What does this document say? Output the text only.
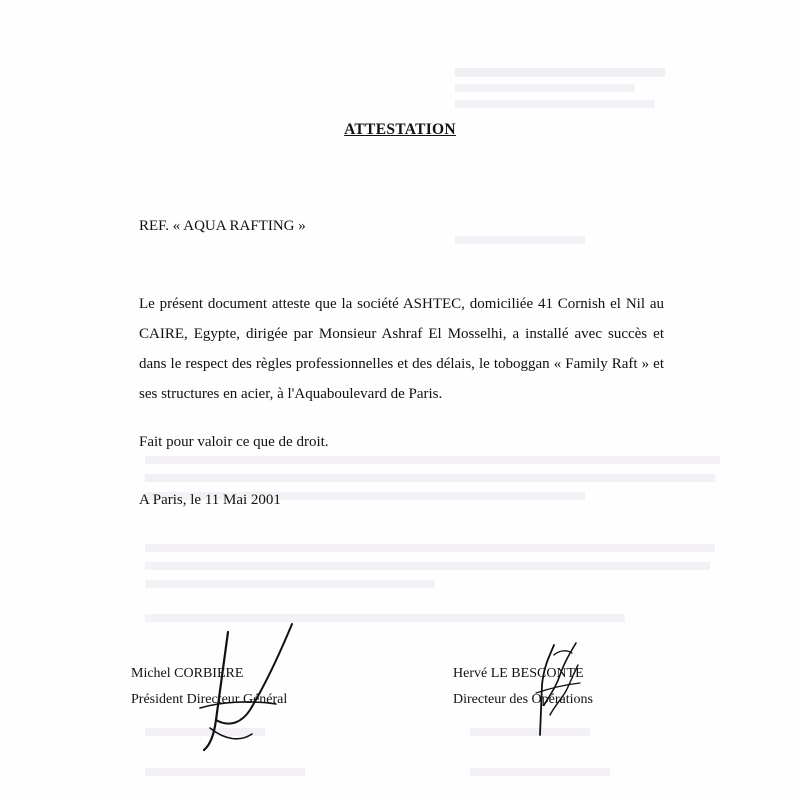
ATTESTATION
REF. « AQUA RAFTING »
Le présent document atteste que la société ASHTEC, domiciliée 41 Cornish el Nil au CAIRE, Egypte, dirigée par Monsieur Ashraf El Mosselhi, a installé avec succès et dans le respect des règles professionnelles et des délais, le toboggan « Family Raft » et ses structures en acier, à l'Aquaboulevard de Paris.
Fait pour valoir ce que de droit.
A Paris, le 11 Mai 2001
Michel CORBIERE
Président Directeur Général
Hervé LE BESCONTE
Directeur des Opérations
